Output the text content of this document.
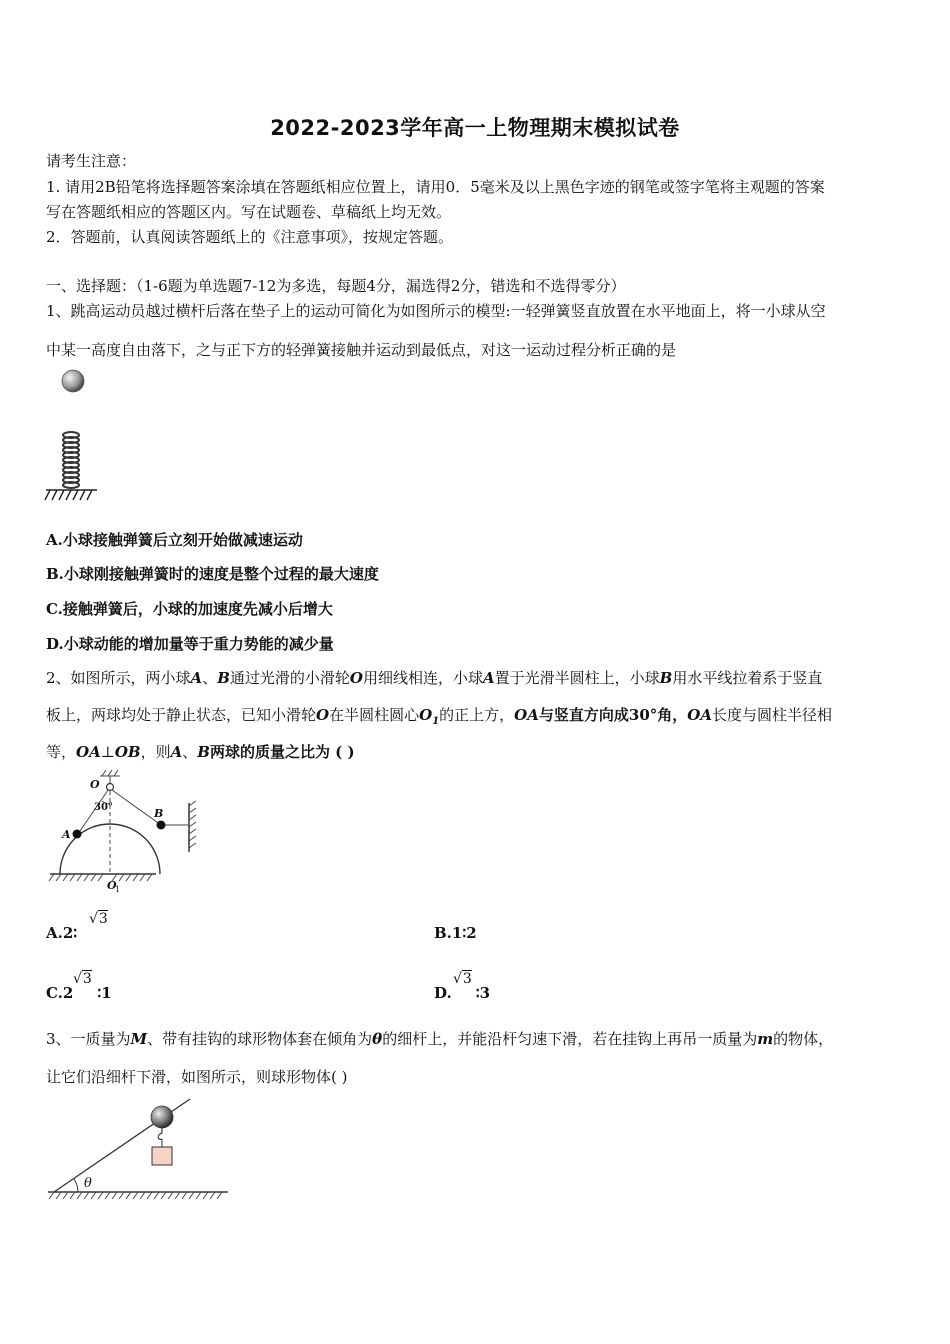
2022-2023学年高一上物理期末模拟试卷
请考生注意：
1. 请用2B铅笔将选择题答案涂填在答题纸相应位置上，请用0．5毫米及以上黑色字迹的钢笔或签字笔将主观题的答案
写在答题纸相应的答题区内。写在试题卷、草稿纸上均无效。
2．答题前，认真阅读答题纸上的《注意事项》，按规定答题。
一、选择题：（1-6题为单选题7-12为多选，每题4分，漏选得2分，错选和不选得零分）
1、跳高运动员越过横杆后落在垫子上的运动可简化为如图所示的模型:一轻弹簧竖直放置在水平地面上，将一小球从空
中某一高度自由落下，之与正下方的轻弹簧接触并运动到最低点，对这一运动过程分析正确的是
A.小球接触弹簧后立刻开始做减速运动
B.小球刚接触弹簧时的速度是整个过程的最大速度
C.接触弹簧后，小球的加速度先减小后增大
D.小球动能的增加量等于重力势能的减少量
2、如图所示，两小球A、B通过光滑的小滑轮O用细线相连，小球A置于光滑半圆柱上，小球B用水平线拉着系于竖直
板上，两球均处于静止状态，已知小滑轮O在半圆柱圆心$O_1$的正上方，OA与竖直方向成30°角，OA长度与圆柱半径相
等，OA⊥OB，则A、B两球的质量之比为 ( )
O
30°
A
B
O
1
A.2∶
√3
B.1∶2
C.2 ∶1
√3
D. ∶3
√3
3、一质量为M、带有挂钩的球形物体套在倾角为θ的细杆上，并能沿杆匀速下滑，若在挂钩上再吊一质量为m的物体，
让它们沿细杆下滑，如图所示，则球形物体( )
θ
